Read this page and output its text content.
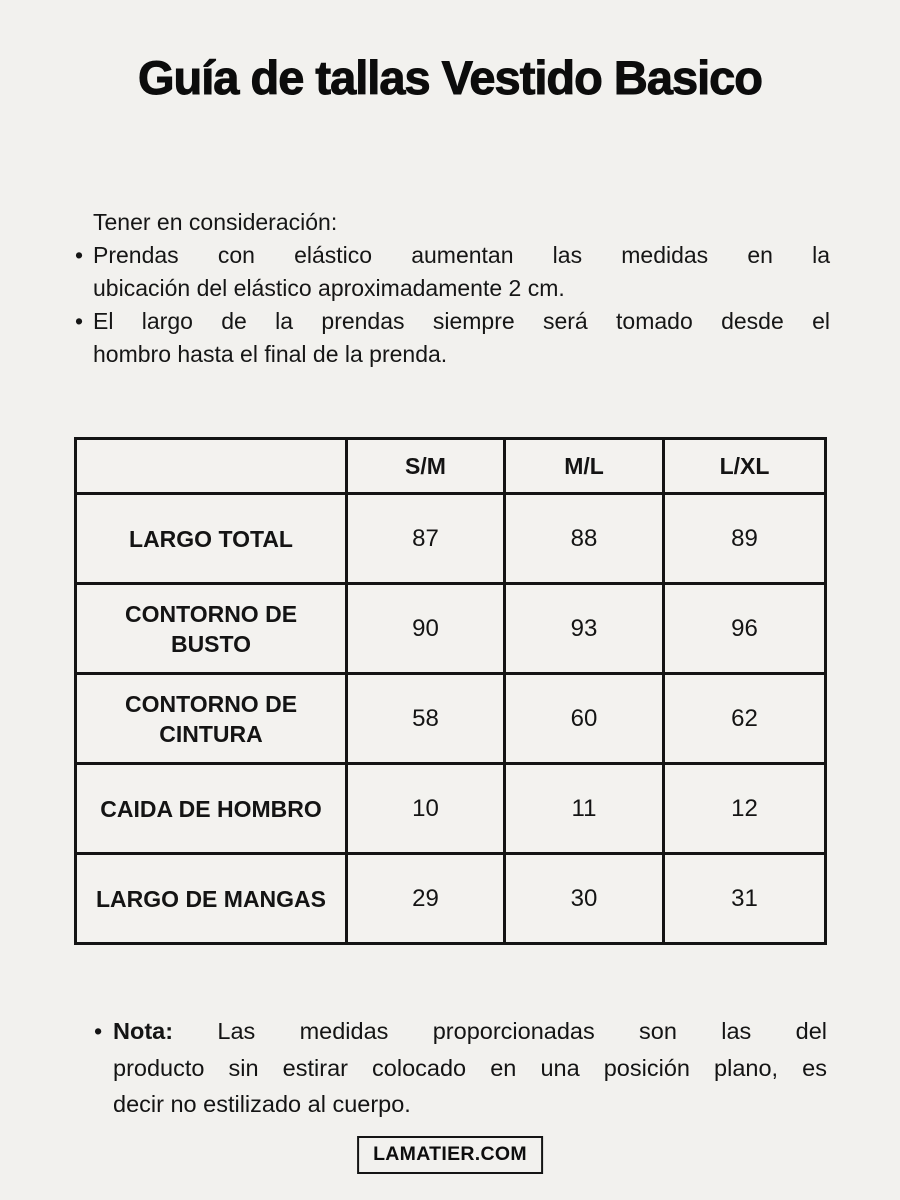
Guía de tallas Vestido Basico
Tener en consideración:
• Prendas con elástico aumentan las medidas en la
ubicación del elástico aproximadamente 2 cm.
• El largo de la prendas siempre será tomado desde el
hombro hasta el final de la prenda.
	S/M	M/L	L/XL

LARGO TOTAL	87	88	89

CONTORNO DE
BUSTO	90	93	96

CONTORNO DE
CINTURA	58	60	62

CAIDA DE HOMBRO	10	11	12

LARGO DE MANGAS	29	30	31
• Nota: Las medidas proporcionadas son las del
producto sin estirar colocado en una posición plano, es
decir no estilizado al cuerpo.
LAMATIER.COM
